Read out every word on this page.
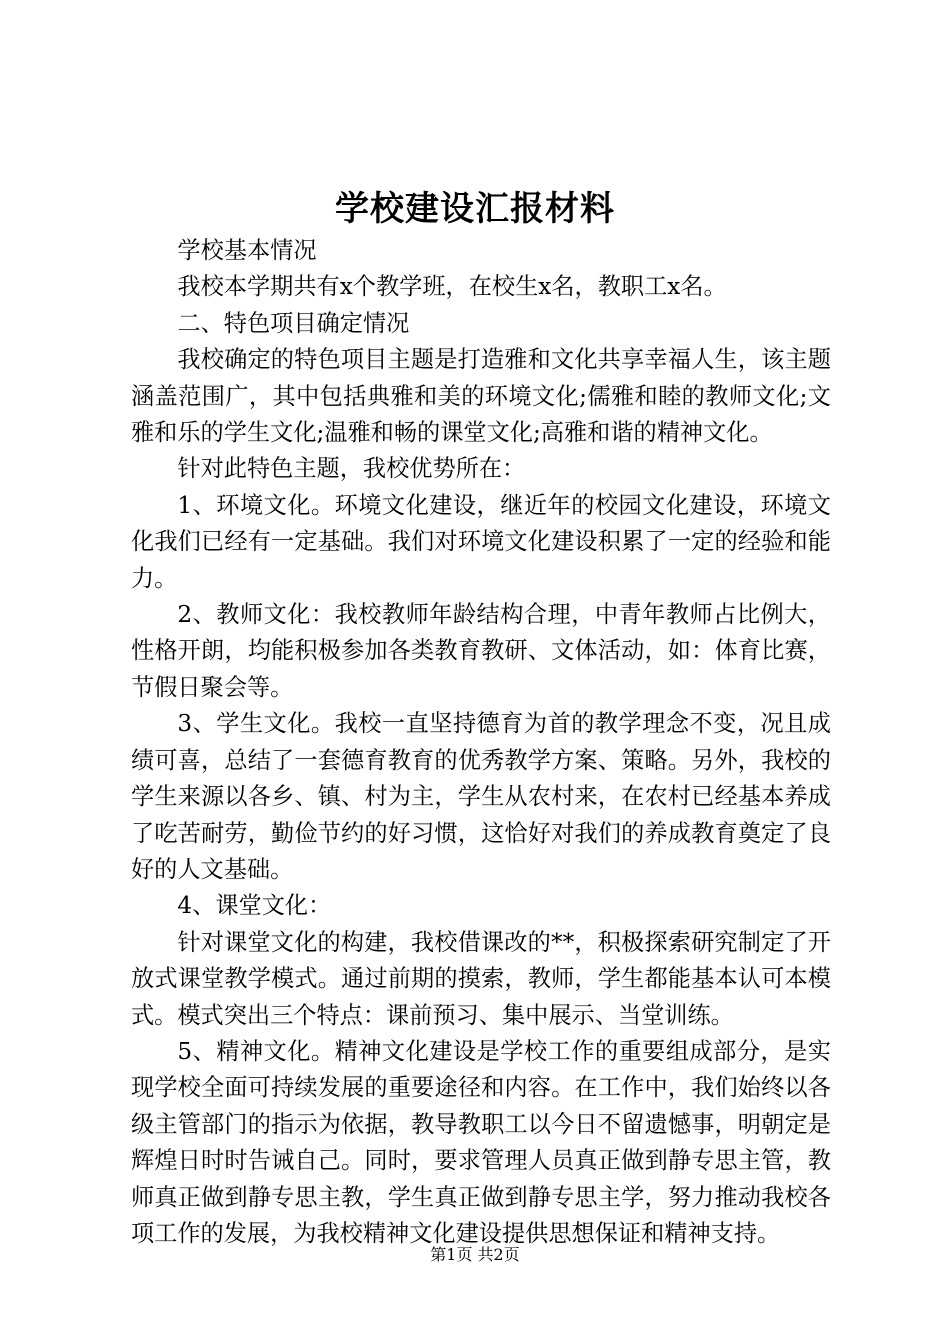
学校建设汇报材料

学校基本情况

我校本学期共有x个教学班，在校生x名，教职工x名。

二、特色项目确定情况

我校确定的特色项目主题是打造雅和文化共享幸福人生，该主题涵盖范围广，其中包括典雅和美的环境文化;儒雅和睦的教师文化;文雅和乐的学生文化;温雅和畅的课堂文化;高雅和谐的精神文化。

针对此特色主题，我校优势所在：

1、环境文化。环境文化建设，继近年的校园文化建设，环境文化我们已经有一定基础。我们对环境文化建设积累了一定的经验和能力。

2、教师文化：我校教师年龄结构合理，中青年教师占比例大，性格开朗，均能积极参加各类教育教研、文体活动，如：体育比赛，节假日聚会等。

3、学生文化。我校一直坚持德育为首的教学理念不变，况且成绩可喜，总结了一套德育教育的优秀教学方案、策略。另外，我校的学生来源以各乡、镇、村为主，学生从农村来，在农村已经基本养成了吃苦耐劳，勤俭节约的好习惯，这恰好对我们的养成教育奠定了良好的人文基础。

4、课堂文化：

针对课堂文化的构建，我校借课改的**，积极探索研究制定了开放式课堂教学模式。通过前期的摸索，教师，学生都能基本认可本模式。模式突出三个特点：课前预习、集中展示、当堂训练。

5、精神文化。精神文化建设是学校工作的重要组成部分，是实现学校全面可持续发展的重要途径和内容。在工作中，我们始终以各级主管部门的指示为依据，教导教职工以今日不留遗憾事，明朝定是辉煌日时时告诫自己。同时，要求管理人员真正做到静专思主管，教师真正做到静专思主教，学生真正做到静专思主学，努力推动我校各项工作的发展，为我校精神文化建设提供思想保证和精神支持。

第1页 共2页
